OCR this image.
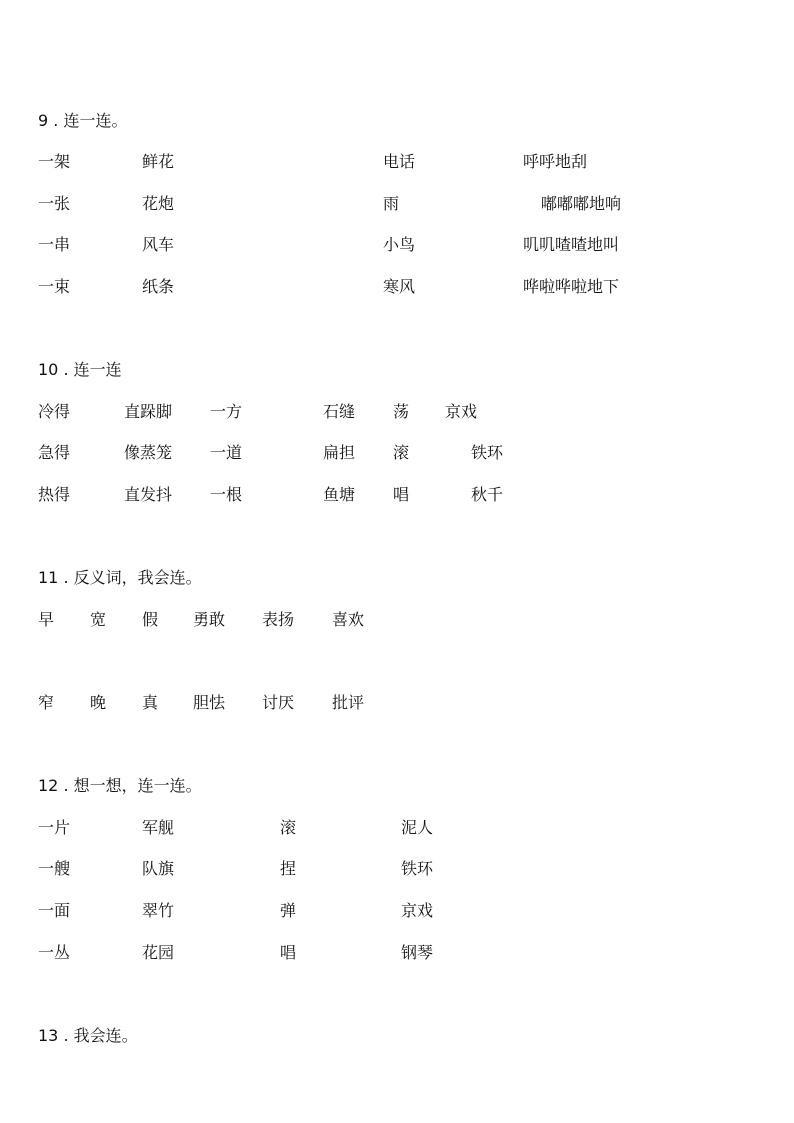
9 . 连一连。
一架	鲜花	电话	呼呼地刮
一张	花炮	雨	嘟嘟嘟地响
一串	风车	小鸟	叽叽喳喳地叫
一束	纸条	寒风	哗啦哗啦地下
10 . 连一连
冷得	直跺脚 一方	石缝 荡 京戏
急得	像蒸笼 一道	扁担 滚	铁环
热得	直发抖 一根	鱼塘 唱	秋千
11 . 反义词，我会连。
早 宽 假 勇敢 表扬 喜欢
窄 晚 真 胆怯 讨厌 批评
12 . 想一想，连一连。
一片	军舰	滚	泥人
一艘	队旗	捏	铁环
一面	翠竹	弹	京戏
一丛	花园	唱	钢琴
13 . 我会连。
